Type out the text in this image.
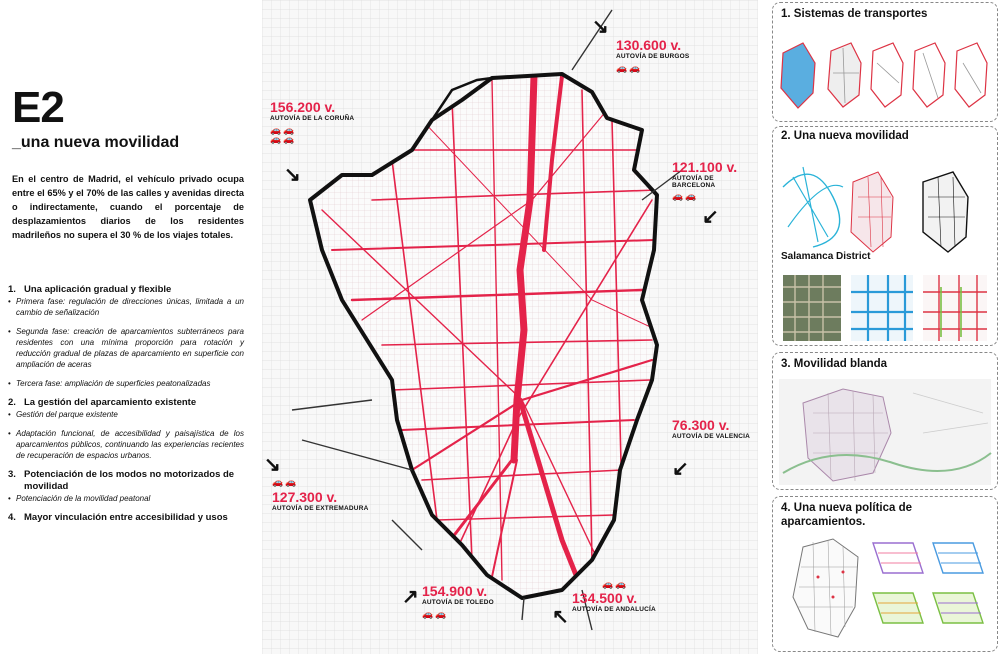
E2
_una nueva movilidad
En el centro de Madrid, el vehículo privado ocupa entre el 65% y el 70% de las calles y avenidas directa o indirectamente, cuando el porcentaje de desplazamientos diarios de los residentes madrileños no supera el 30 % de los viajes totales.
1. Una aplicación gradual y flexible
• Primera fase: regulación de direcciones únicas, limitada a un cambio de señalización
• Segunda fase: creación de aparcamientos subterráneos para residentes con una mínima proporción para rotación y reducción gradual de plazas de aparcamiento en superficie con ampliación de aceras
• Tercera fase: ampliación de superficies peatonalizadas
2. La gestión del aparcamiento existente
• Gestión del parque existente
• Adaptación funcional, de accesibilidad y paisajística de los aparcamientos públicos, continuando las experiencias recientes de recuperación de espacios urbanos.
3. Potenciación de los modos no motorizados de movilidad
• Potenciación de la movilidad peatonal
4. Mayor vinculación entre accesibilidad y usos
156.200 v.
AUTOVÍA DE LA CORUÑA
🚗🚗
🚗🚗
130.600 v.
AUTOVÍA DE BURGOS
🚗🚗
121.100 v.
AUTOVÍA DE BARCELONA
🚗🚗
76.300 v.
AUTOVÍA DE VALENCIA
🚗🚗
127.300 v.
AUTOVÍA DE EXTREMADURA
154.900 v.
AUTOVÍA DE TOLEDO
🚗🚗
🚗🚗
134.500 v.
AUTOVÍA DE ANDALUCÍA
↘
↘
↙
↙
↘
↗
↖
1. Sistemas de transportes
2. Una nueva movilidad
Salamanca District
3. Movilidad blanda
4. Una nueva política de aparcamientos.
